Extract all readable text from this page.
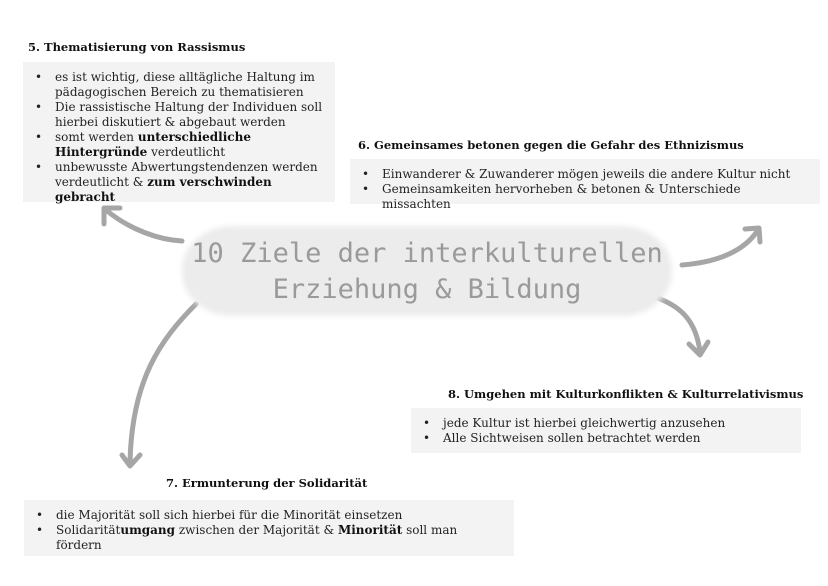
10 Ziele der interkulturellen
Erziehung & Bildung
5. Thematisierung von Rassismus
• es ist wichtig, diese alltägliche Haltung im pädagogischen Bereich zu thematisieren
• Die rassistische Haltung der Individuen soll hierbei diskutiert & abgebaut werden
• somt werden unterschiedliche Hintergründe verdeutlicht
• unbewusste Abwertungstendenzen werden verdeutlicht & zum verschwinden gebracht
6. Gemeinsames betonen gegen die Gefahr des Ethnizismus
• Einwanderer & Zuwanderer mögen jeweils die andere Kultur nicht
• Gemeinsamkeiten hervorheben & betonen & Unterschiede missachten
8. Umgehen mit Kulturkonflikten & Kulturrelativismus
• jede Kultur ist hierbei gleichwertig anzusehen
• Alle Sichtweisen sollen betrachtet werden
7. Ermunterung der Solidarität
• die Majorität soll sich hierbei für die Minorität einsetzen
• Solidaritätumgang zwischen der Majorität & Minorität soll man fördern
